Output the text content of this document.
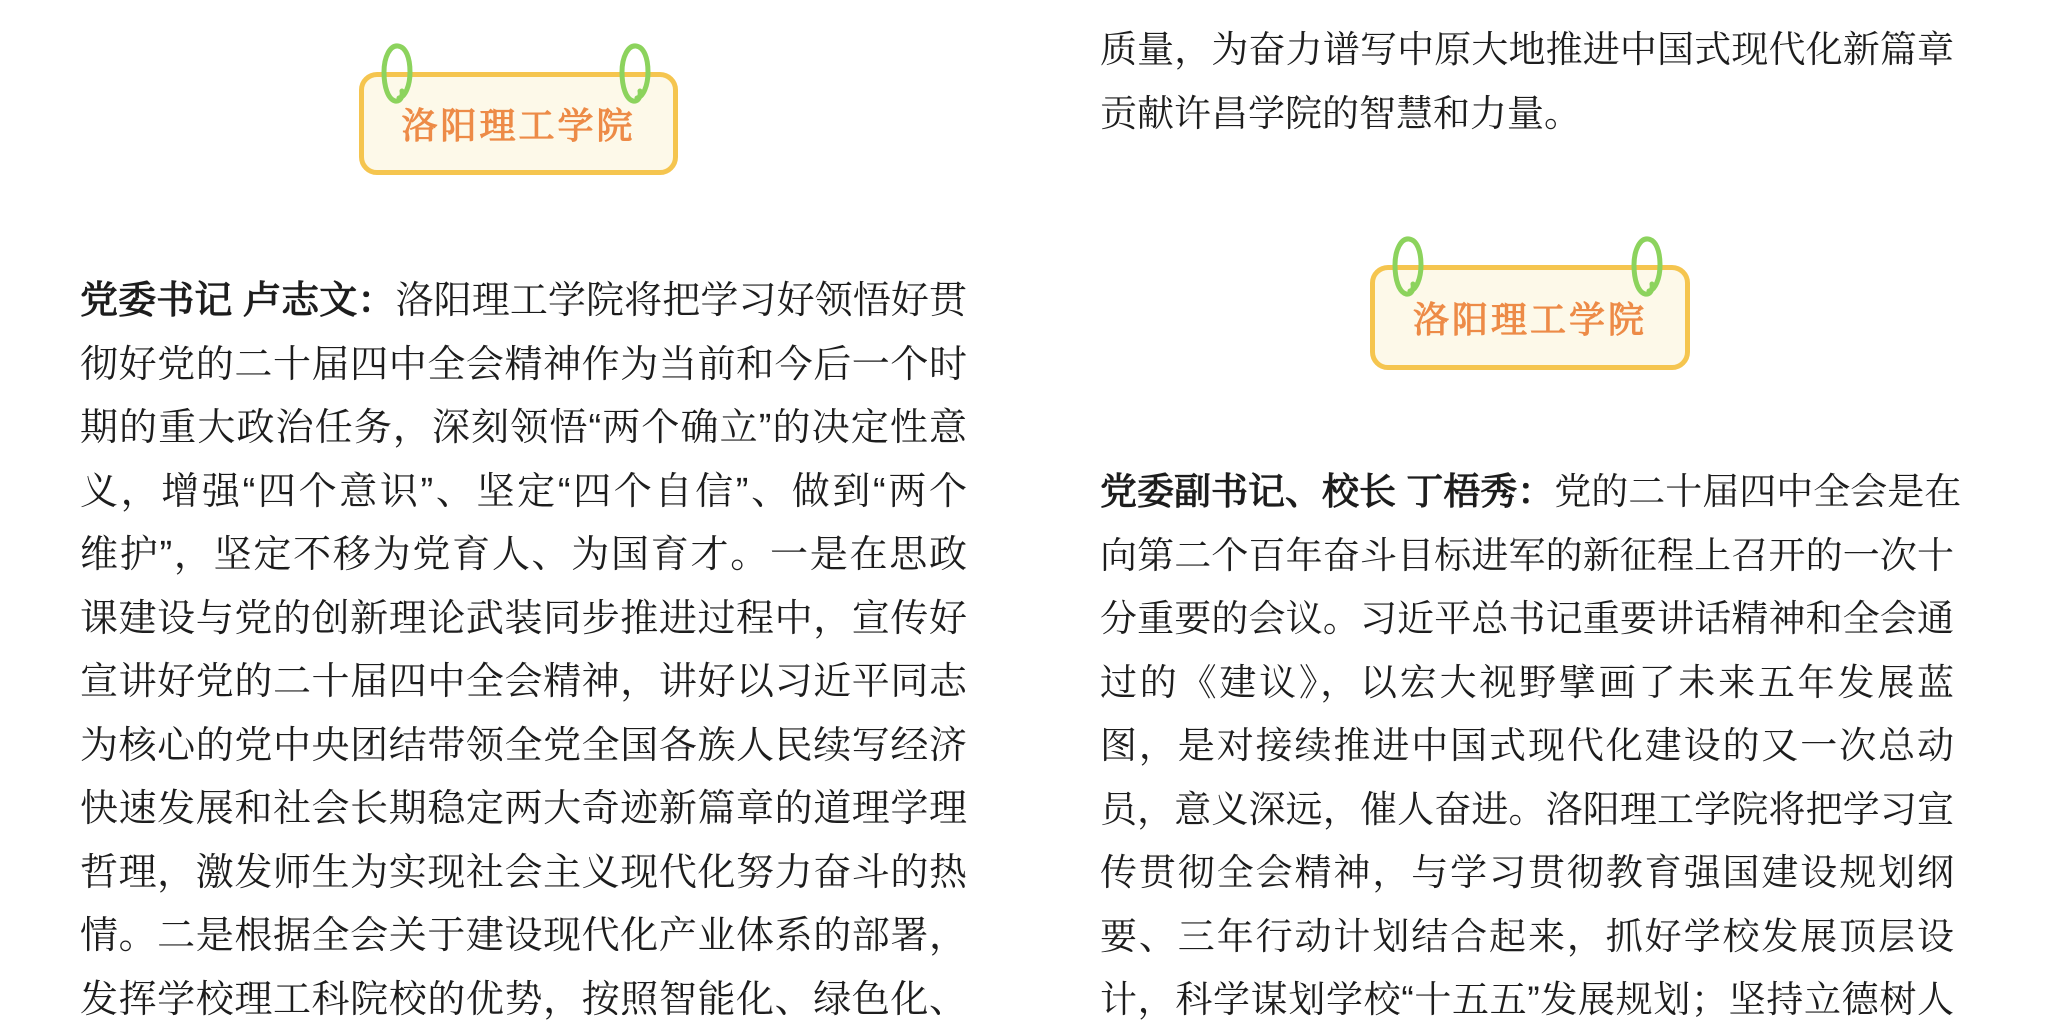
洛阳理工学院
党委书记 卢志文：洛阳理工学院将把学习好领悟好贯
彻好党的二十届四中全会精神作为当前和今后一个时
期的重大政治任务，深刻领悟“两个确立”的决定性意
义，增强“四个意识”、坚定“四个自信”、做到“两个
维护”，坚定不移为党育人、为国育才。一是在思政
课建设与党的创新理论武装同步推进过程中，宣传好
宣讲好党的二十届四中全会精神，讲好以习近平同志
为核心的党中央团结带领全党全国各族人民续写经济
快速发展和社会长期稳定两大奇迹新篇章的道理学理
哲理，激发师生为实现社会主义现代化努力奋斗的热
情。二是根据全会关于建设现代化产业体系的部署，
发挥学校理工科院校的优势，按照智能化、绿色化、
质量，为奋力谱写中原大地推进中国式现代化新篇章
贡献许昌学院的智慧和力量。
洛阳理工学院
党委副书记、校长 丁梧秀：党的二十届四中全会是在
向第二个百年奋斗目标进军的新征程上召开的一次十
分重要的会议。习近平总书记重要讲话精神和全会通
过的《建议》，以宏大视野擘画了未来五年发展蓝
图，是对接续推进中国式现代化建设的又一次总动
员，意义深远，催人奋进。洛阳理工学院将把学习宣
传贯彻全会精神，与学习贯彻教育强国建设规划纲
要、三年行动计划结合起来，抓好学校发展顶层设
计，科学谋划学校“十五五”发展规划；坚持立德树人
